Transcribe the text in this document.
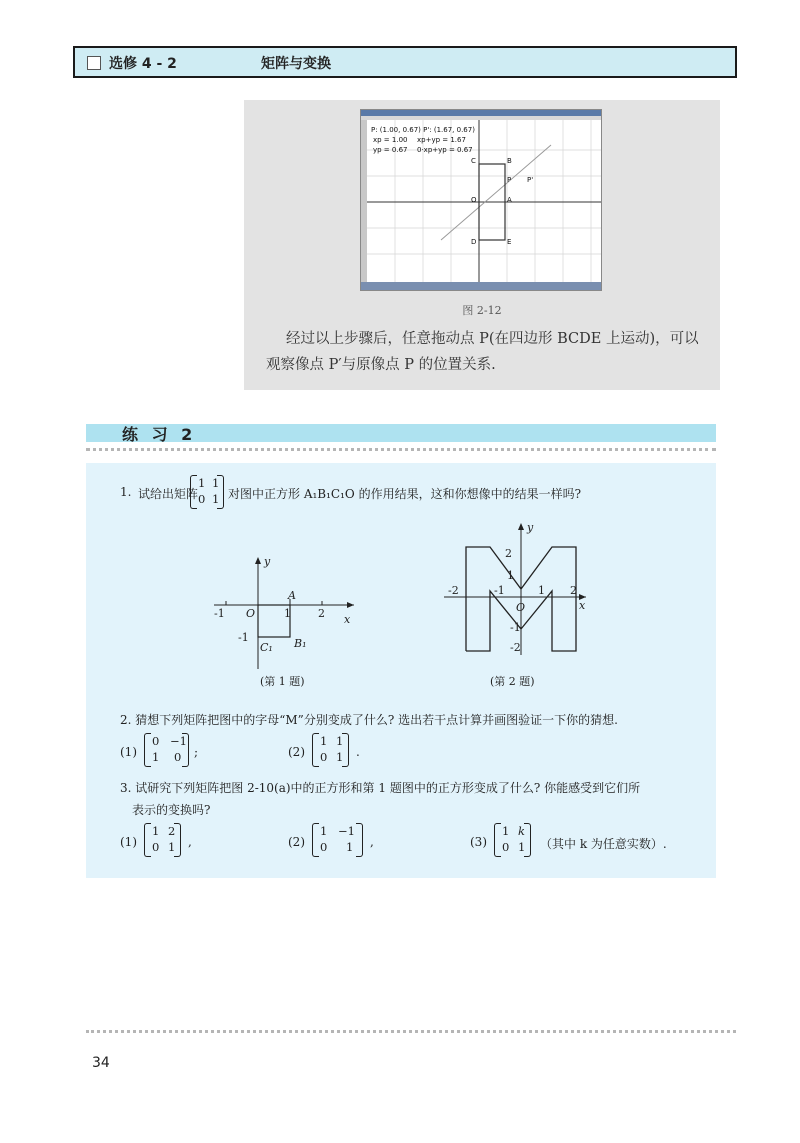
选修 4 - 2	矩阵与变换
P: (1.00, 0.67) P': (1.67, 0.67)
xp = 1.00 xp+yp = 1.67
yp = 0.67 0·xp+yp = 0.67
C	B
P P'
A
O
D	E
图 2-12
经过以上步骤后，任意拖动点 P(在四边形 BCDE 上运动)，可以观察像点 P′与原像点 P 的位置关系.
练 习 2
1. 试给出矩阵
1 1
0 1 对图中正方形 A₁B₁C₁O 的作用结果，这和你想像中的结果一样吗?
y
x
-1 O	1 2
A
-1
C₁ B₁
(第 1 题)
y
x
2
1
-2	-1
O
1 2
-1
-2
(第 2 题)
2. 猜想下列矩阵把图中的字母“M”分别变成了什么? 选出若干点计算并画图验证一下你的猜想.
(1)
0 −1
1 0 ;	(2)
1 1
0 1 .
3. 试研究下列矩阵把图 2-10(a)中的正方形和第 1 题图中的正方形变成了什么? 你能感受到它们所
表示的变换吗?
(1)
1 2
0 1 ,	(2)
1 −1
0 1 ,	(3)
1 k
0 1 （其中 k 为任意实数）.
34
